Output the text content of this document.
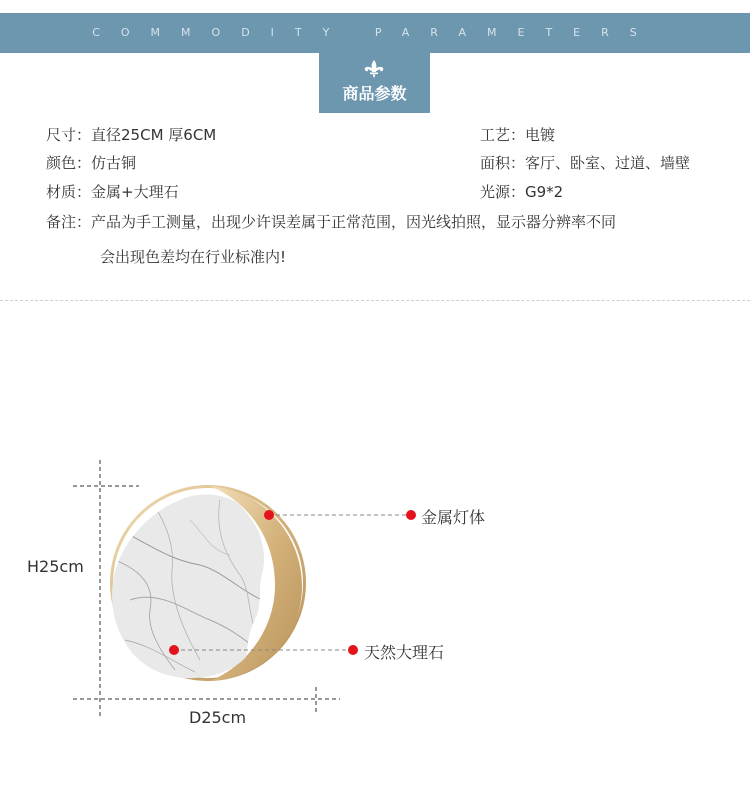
COMMODITY PARAMETERS
商品参数
尺寸：直径25CM 厚6CM	工艺：电镀
颜色：仿古铜	面积：客厅、卧室、过道、墙壁
材质：金属+大理石	光源：G9*2
备注：产品为手工测量，出现少许误差属于正常范围，因光线拍照，显示器分辨率不同
会出现色差均在行业标准内!
金属灯体
天然大理石
H25cm
D25cm
